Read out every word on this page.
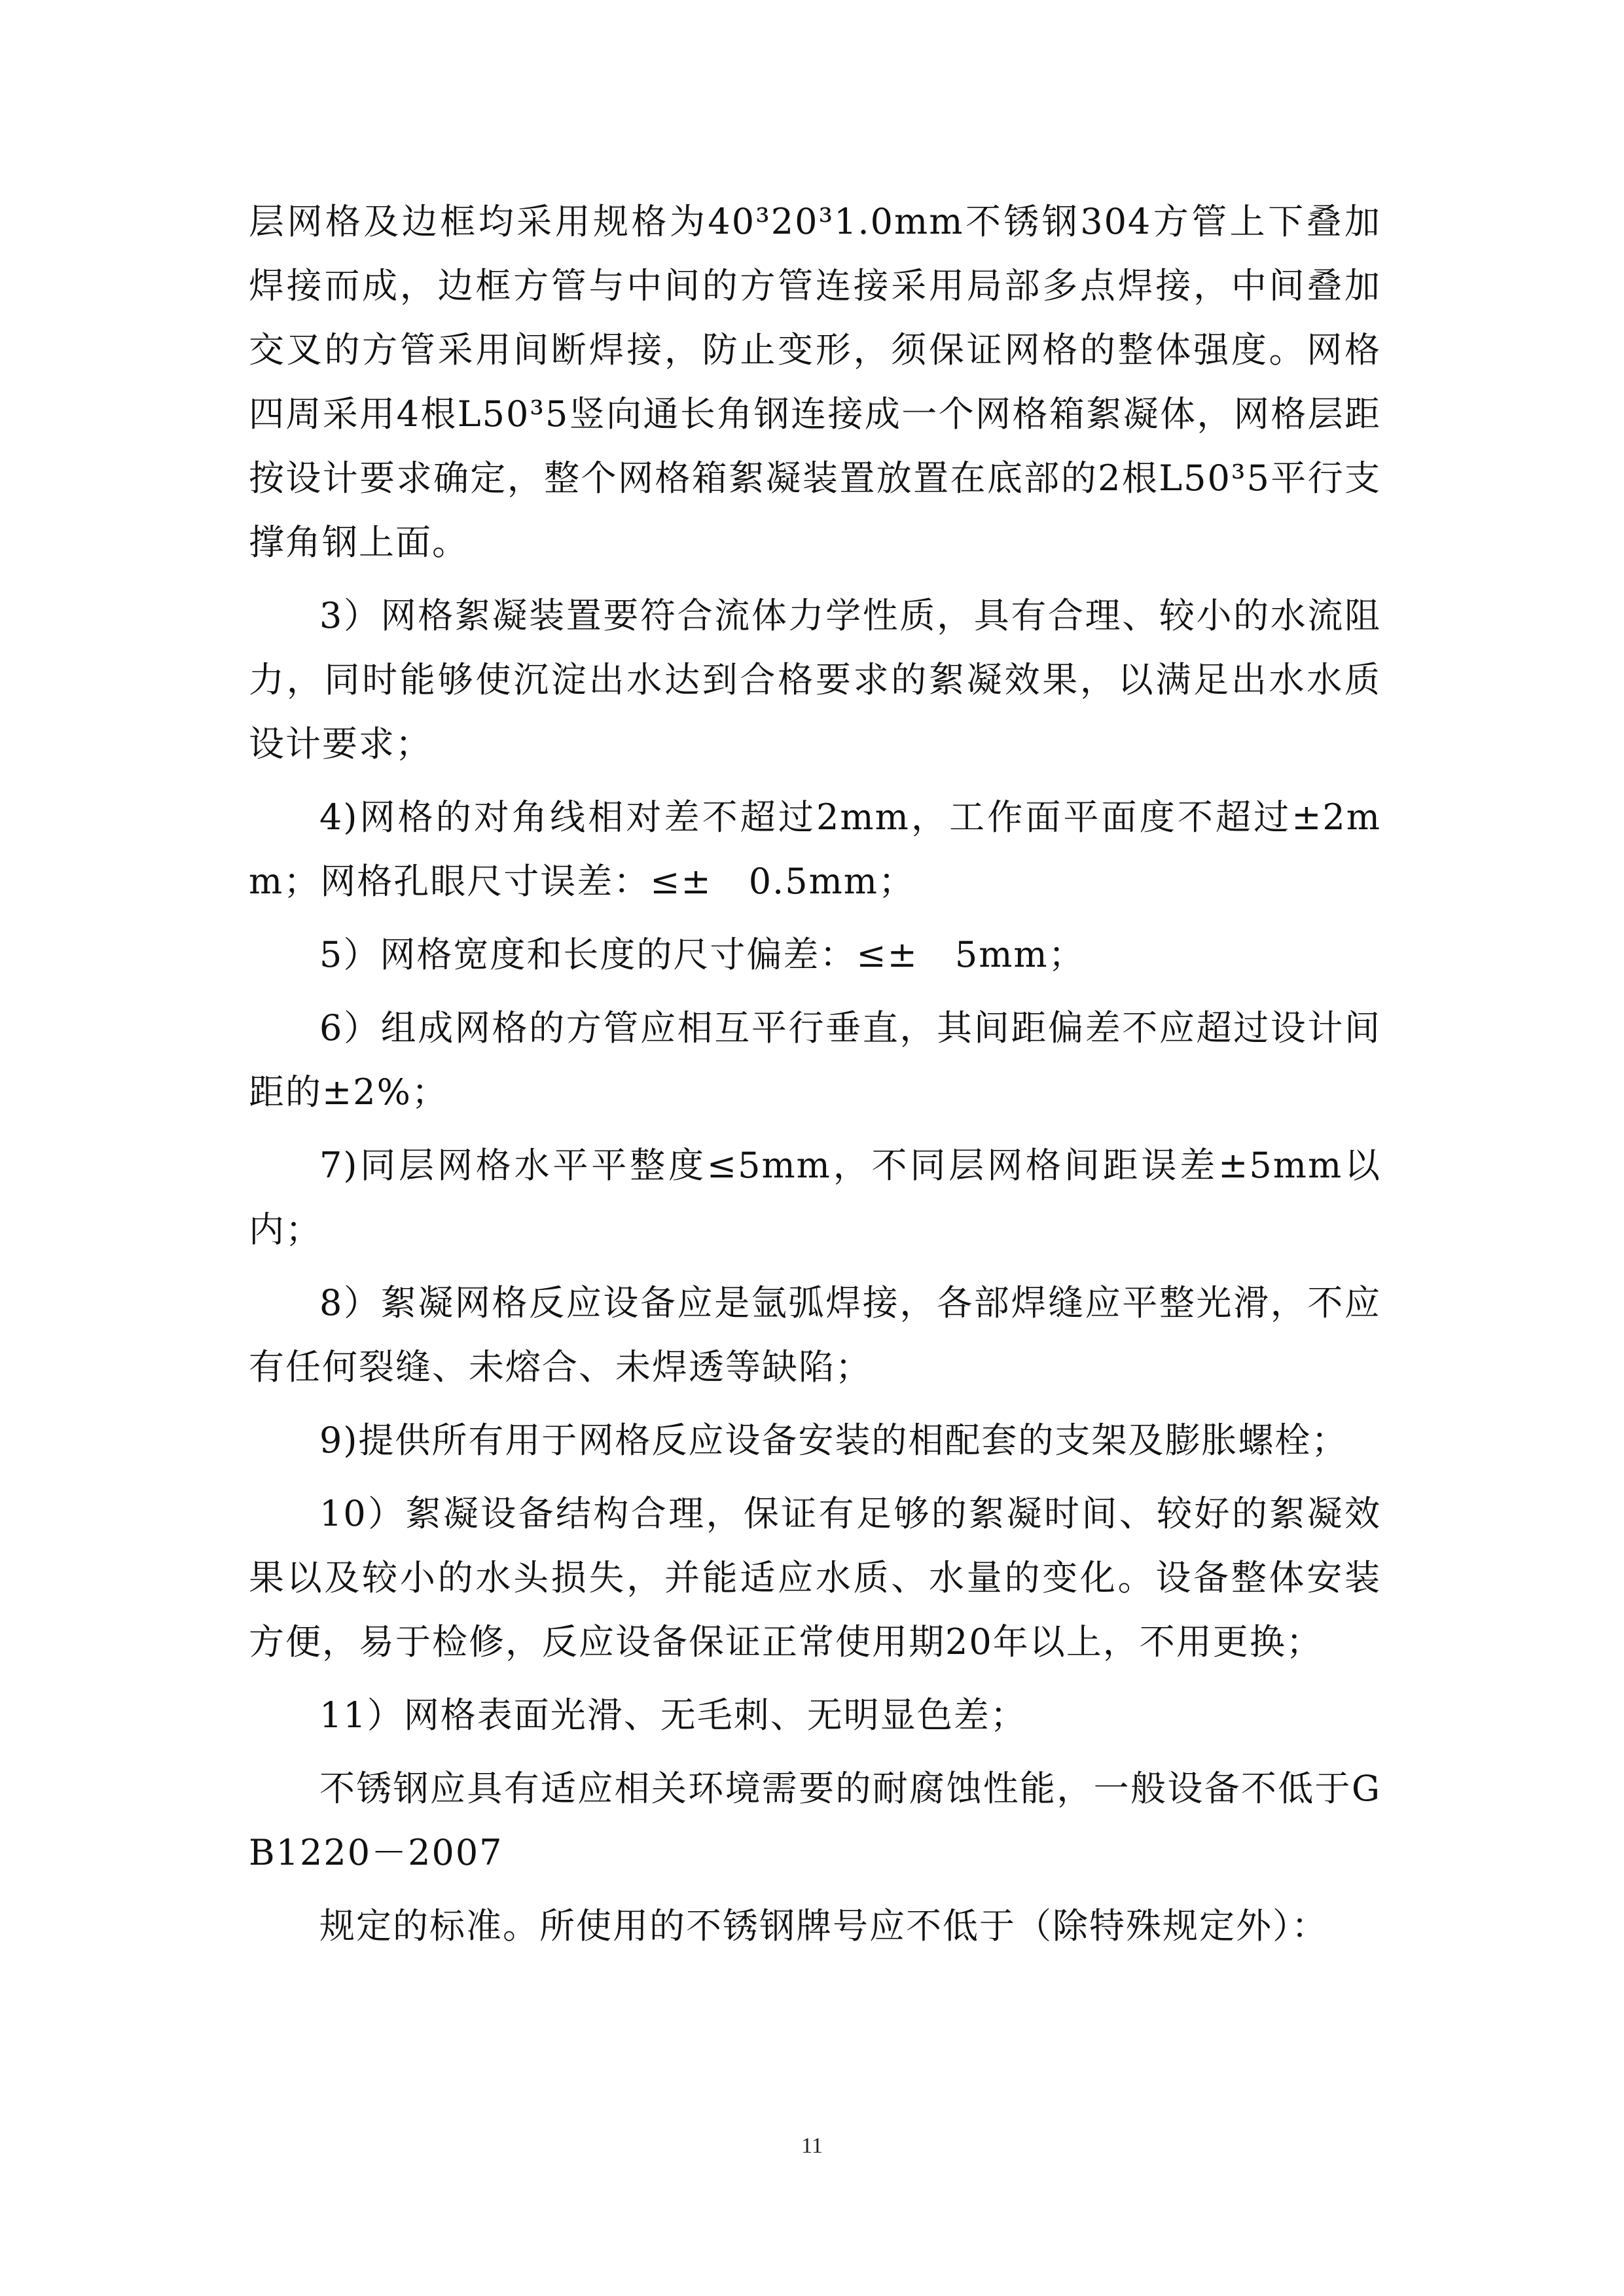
层网格及边框均采用规格为40³20³1.0mm不锈钢304方管上下叠加焊接而成，边框方管与中间的方管连接采用局部多点焊接，中间叠加交叉的方管采用间断焊接，防止变形，须保证网格的整体强度。网格四周采用4根L50³5竖向通长角钢连接成一个网格箱絮凝体，网格层距按设计要求确定，整个网格箱絮凝装置放置在底部的2根L50³5平行支撑角钢上面。

3）网格絮凝装置要符合流体力学性质，具有合理、较小的水流阻力，同时能够使沉淀出水达到合格要求的絮凝效果，以满足出水水质设计要求；

4)网格的对角线相对差不超过2mm，工作面平面度不超过±2mm；网格孔眼尺寸误差：≤±　0.5mm；

5）网格宽度和长度的尺寸偏差：≤±　5mm；

6）组成网格的方管应相互平行垂直，其间距偏差不应超过设计间距的±2%；

7)同层网格水平平整度≤5mm，不同层网格间距误差±5mm以内；

8）絮凝网格反应设备应是氩弧焊接，各部焊缝应平整光滑，不应有任何裂缝、未熔合、未焊透等缺陷；

9)提供所有用于网格反应设备安装的相配套的支架及膨胀螺栓；

10）絮凝设备结构合理，保证有足够的絮凝时间、较好的絮凝效果以及较小的水头损失，并能适应水质、水量的变化。设备整体安装方便，易于检修，反应设备保证正常使用期20年以上，不用更换；

11）网格表面光滑、无毛刺、无明显色差；

不锈钢应具有适应相关环境需要的耐腐蚀性能，一般设备不低于GB1220－2007

规定的标准。所使用的不锈钢牌号应不低于（除特殊规定外）：

11
